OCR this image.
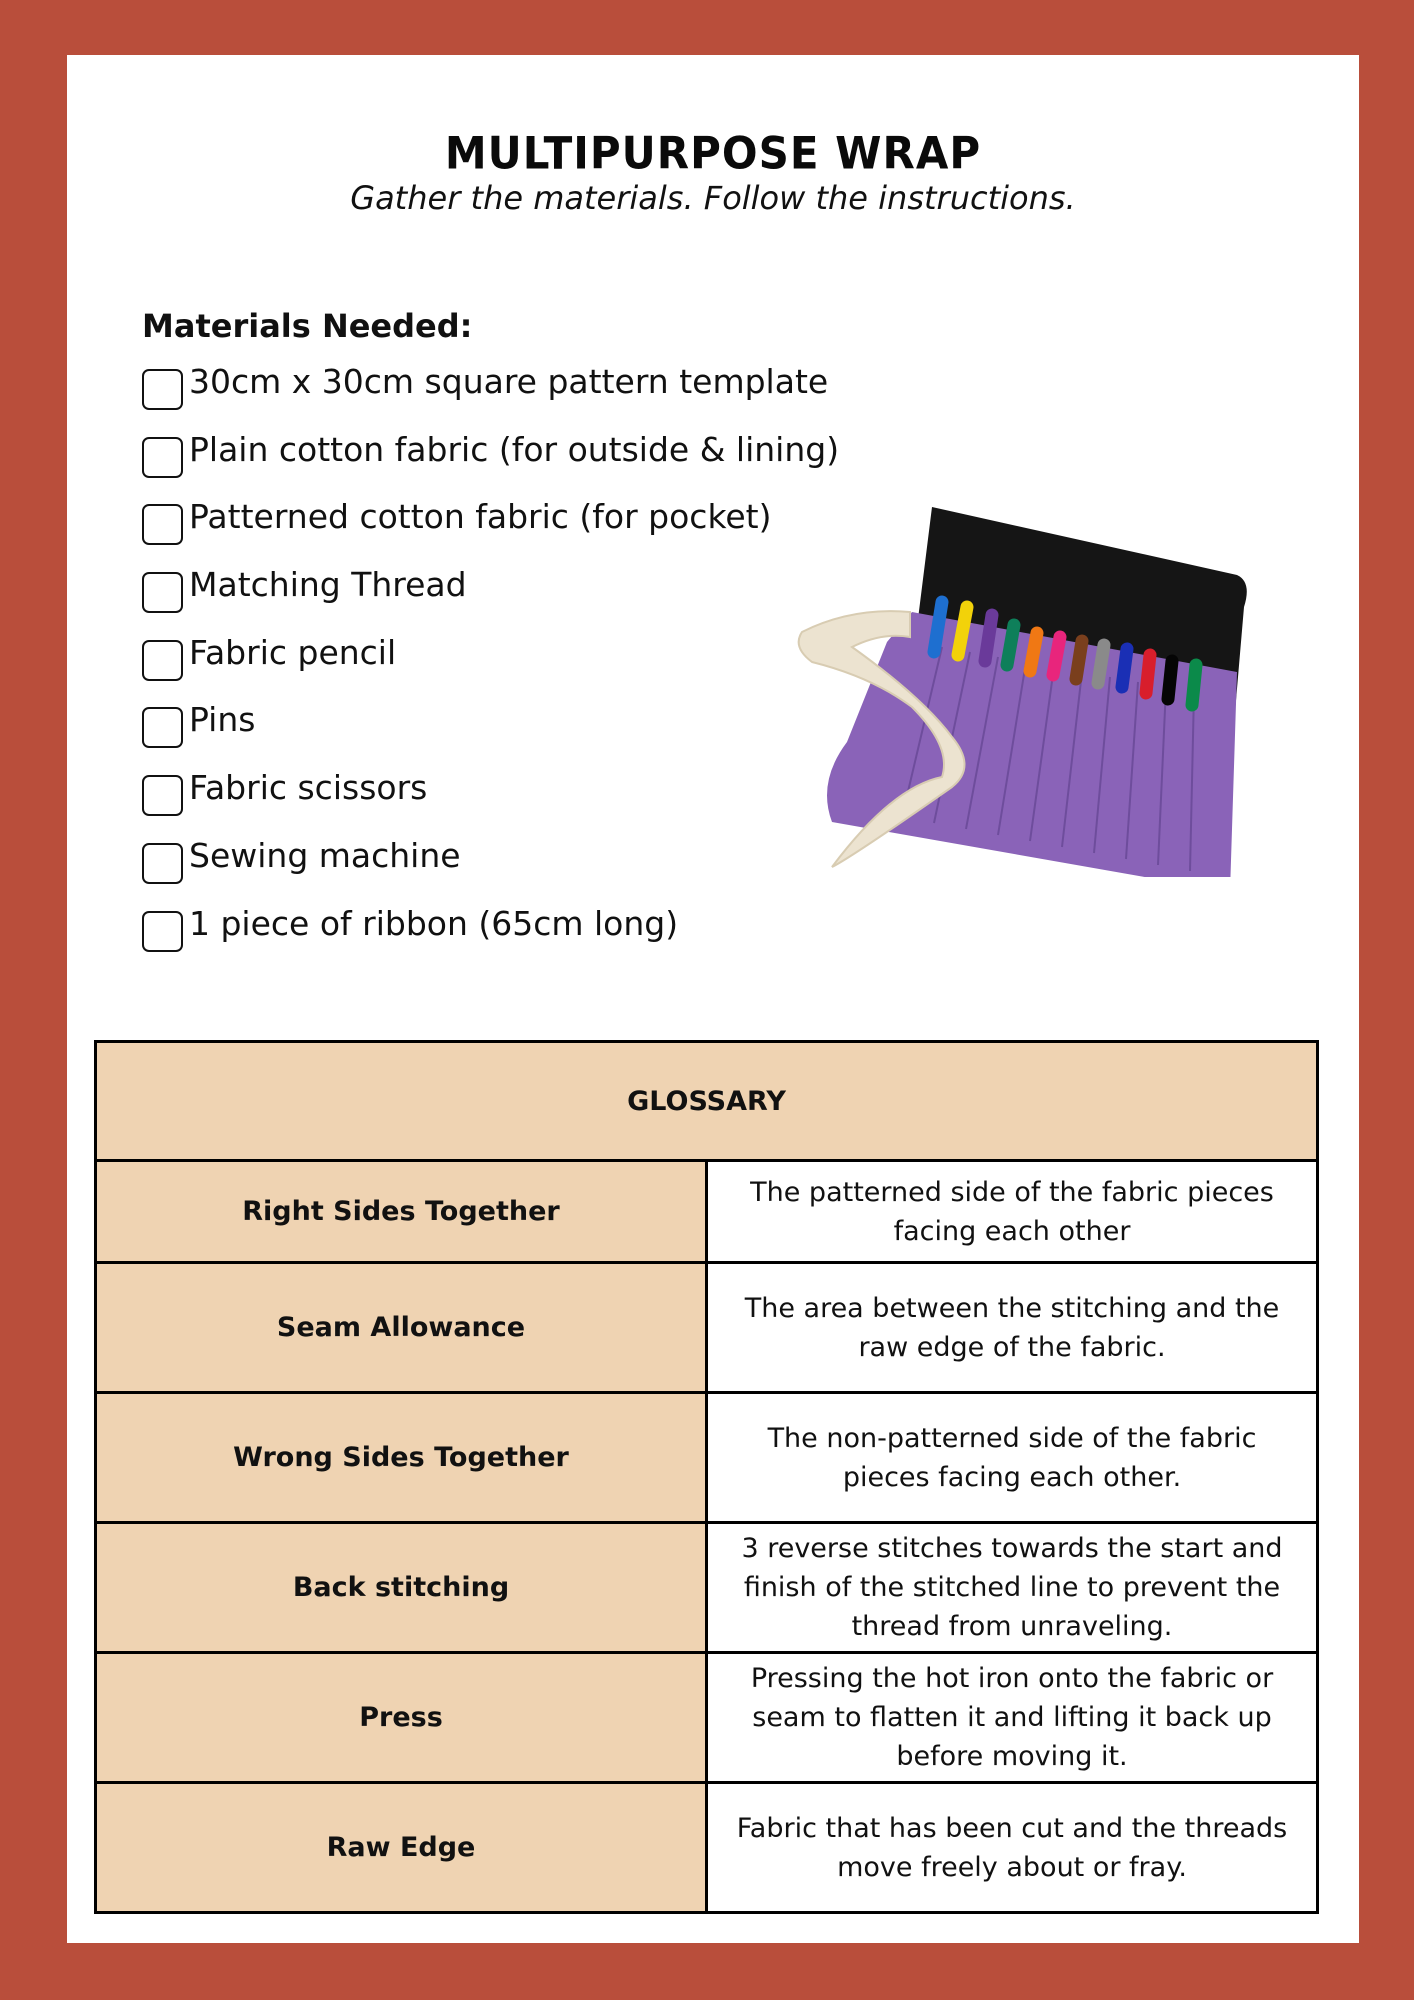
MULTIPURPOSE WRAP
Gather the materials. Follow the instructions.
Materials Needed:
30cm x 30cm square pattern template
Plain cotton fabric (for outside & lining)
Patterned cotton fabric (for pocket)
Matching Thread
Fabric pencil
Pins
Fabric scissors
Sewing machine
1 piece of ribbon (65cm long)
GLOSSARY	
Right Sides Together	The patterned side of the fabric pieces facing each other
Seam Allowance	The area between the stitching and the raw edge of the fabric.
Wrong Sides Together	The non-patterned side of the fabric pieces facing each other.
Back stitching	3 reverse stitches towards the start and finish of the stitched line to prevent the thread from unraveling.
Press	Pressing the hot iron onto the fabric or seam to flatten it and lifting it back up before moving it.
Raw Edge	Fabric that has been cut and the threads move freely about or fray.
